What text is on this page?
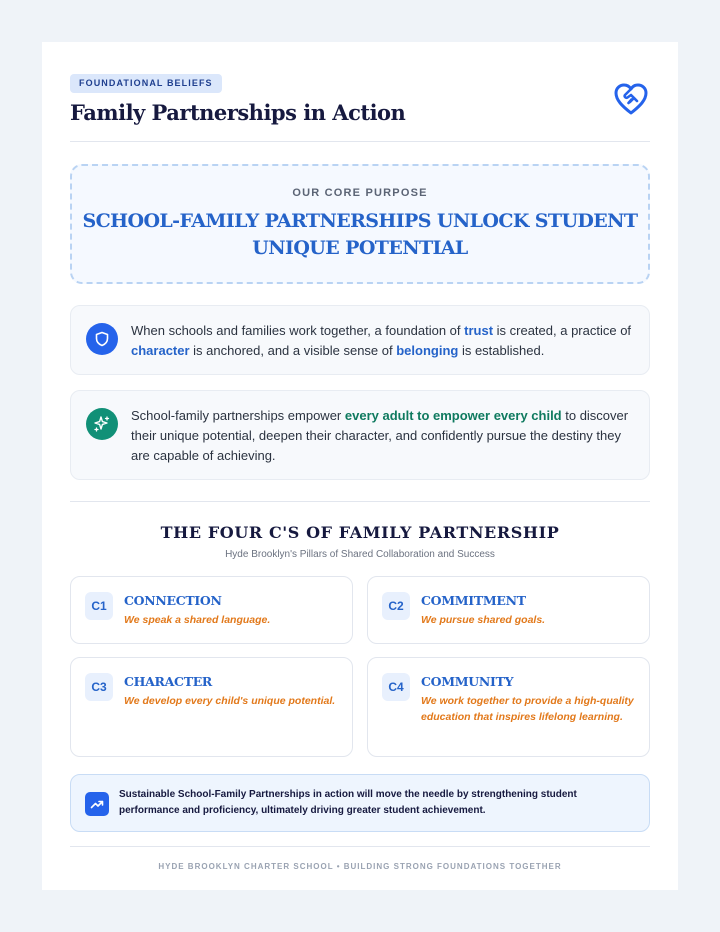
FOUNDATIONAL BELIEFS
Family Partnerships in Action
OUR CORE PURPOSE
SCHOOL-FAMILY PARTNERSHIPS UNLOCK STUDENT UNIQUE POTENTIAL
When schools and families work together, a foundation of trust is created, a practice of character is anchored, and a visible sense of belonging is established.
School-family partnerships empower every adult to empower every child to discover their unique potential, deepen their character, and confidently pursue the destiny they are capable of achieving.
THE FOUR C'S OF FAMILY PARTNERSHIP
Hyde Brooklyn's Pillars of Shared Collaboration and Success
C1	CONNECTION
We speak a shared language.
C2	COMMITMENT
We pursue shared goals.
C3	CHARACTER
We develop every child's unique potential.
C4	COMMUNITY
We work together to provide a high-quality education that inspires lifelong learning.
Sustainable School-Family Partnerships in action will move the needle by strengthening student performance and proficiency, ultimately driving greater student achievement.
HYDE BROOKLYN CHARTER SCHOOL • BUILDING STRONG FOUNDATIONS TOGETHER
